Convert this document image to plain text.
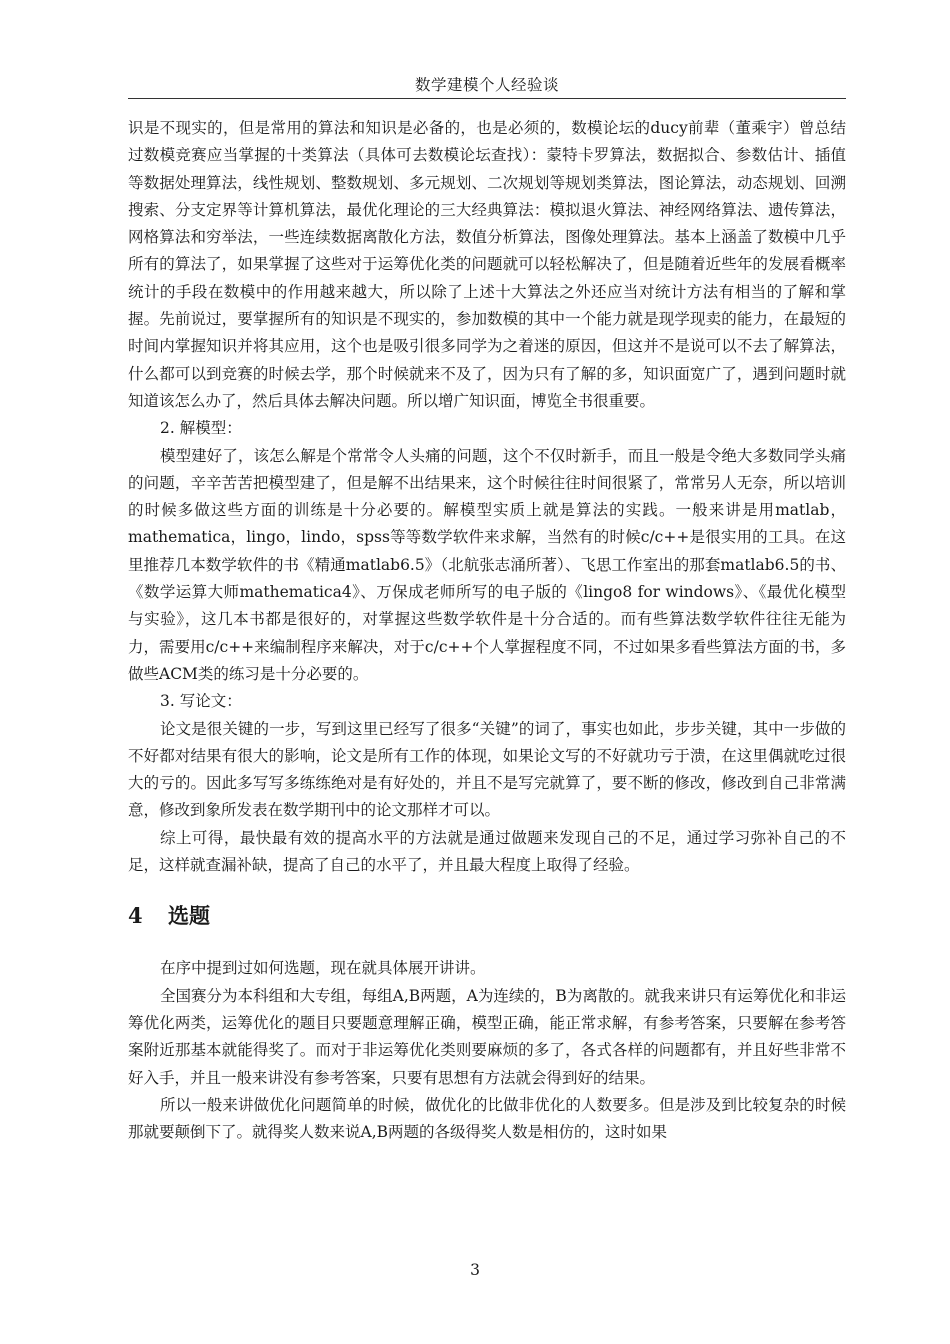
数学建模个人经验谈

识是不现实的，但是常用的算法和知识是必备的，也是必须的，数模论坛的ducy前辈（董乘宇）曾总结过数模竞赛应当掌握的十类算法（具体可去数模论坛查找）：蒙特卡罗算法，数据拟合、参数估计、插值等数据处理算法，线性规划、整数规划、多元规划、二次规划等规划类算法，图论算法，动态规划、回溯搜索、分支定界等计算机算法，最优化理论的三大经典算法：模拟退火算法、神经网络算法、遗传算法，网格算法和穷举法，一些连续数据离散化方法，数值分析算法，图像处理算法。基本上涵盖了数模中几乎所有的算法了，如果掌握了这些对于运筹优化类的问题就可以轻松解决了，但是随着近些年的发展看概率统计的手段在数模中的作用越来越大，所以除了上述十大算法之外还应当对统计方法有相当的了解和掌握。先前说过，要掌握所有的知识是不现实的，参加数模的其中一个能力就是现学现卖的能力，在最短的时间内掌握知识并将其应用，这个也是吸引很多同学为之着迷的原因，但这并不是说可以不去了解算法，什么都可以到竞赛的时候去学，那个时候就来不及了，因为只有了解的多，知识面宽广了，遇到问题时就知道该怎么办了，然后具体去解决问题。所以增广知识面，博览全书很重要。

2. 解模型：

模型建好了，该怎么解是个常常令人头痛的问题，这个不仅时新手，而且一般是令绝大多数同学头痛的问题，辛辛苦苦把模型建了，但是解不出结果来，这个时候往往时间很紧了，常常另人无奈，所以培训的时候多做这些方面的训练是十分必要的。解模型实质上就是算法的实践。一般来讲是用matlab，mathematica，lingo，lindo，spss等等数学软件来求解，当然有的时候c/c++是很实用的工具。在这里推荐几本数学软件的书《精通matlab6.5》（北航张志涌所著）、飞思工作室出的那套matlab6.5的书、《数学运算大师mathematica4》、万保成老师所写的电子版的《lingo8 for windows》、《最优化模型与实验》，这几本书都是很好的，对掌握这些数学软件是十分合适的。而有些算法数学软件往往无能为力，需要用c/c++来编制程序来解决，对于c/c++个人掌握程度不同，不过如果多看些算法方面的书，多做些ACM类的练习是十分必要的。

3. 写论文：

论文是很关键的一步，写到这里已经写了很多“关键”的词了，事实也如此，步步关键，其中一步做的不好都对结果有很大的影响，论文是所有工作的体现，如果论文写的不好就功亏于溃，在这里偶就吃过很大的亏的。因此多写写多练练绝对是有好处的，并且不是写完就算了，要不断的修改，修改到自己非常满意，修改到象所发表在数学期刊中的论文那样才可以。

综上可得，最快最有效的提高水平的方法就是通过做题来发现自己的不足，通过学习弥补自己的不足，这样就查漏补缺，提高了自己的水平了，并且最大程度上取得了经验。

4	选题

在序中提到过如何选题，现在就具体展开讲讲。

全国赛分为本科组和大专组，每组A,B两题，A为连续的，B为离散的。就我来讲只有运筹优化和非运筹优化两类，运筹优化的题目只要题意理解正确，模型正确，能正常求解，有参考答案，只要解在参考答案附近那基本就能得奖了。而对于非运筹优化类则要麻烦的多了，各式各样的问题都有，并且好些非常不好入手，并且一般来讲没有参考答案，只要有思想有方法就会得到好的结果。

所以一般来讲做优化问题简单的时候，做优化的比做非优化的人数要多。但是涉及到比较复杂的时候那就要颠倒下了。就得奖人数来说A,B两题的各级得奖人数是相仿的，这时如果

3
